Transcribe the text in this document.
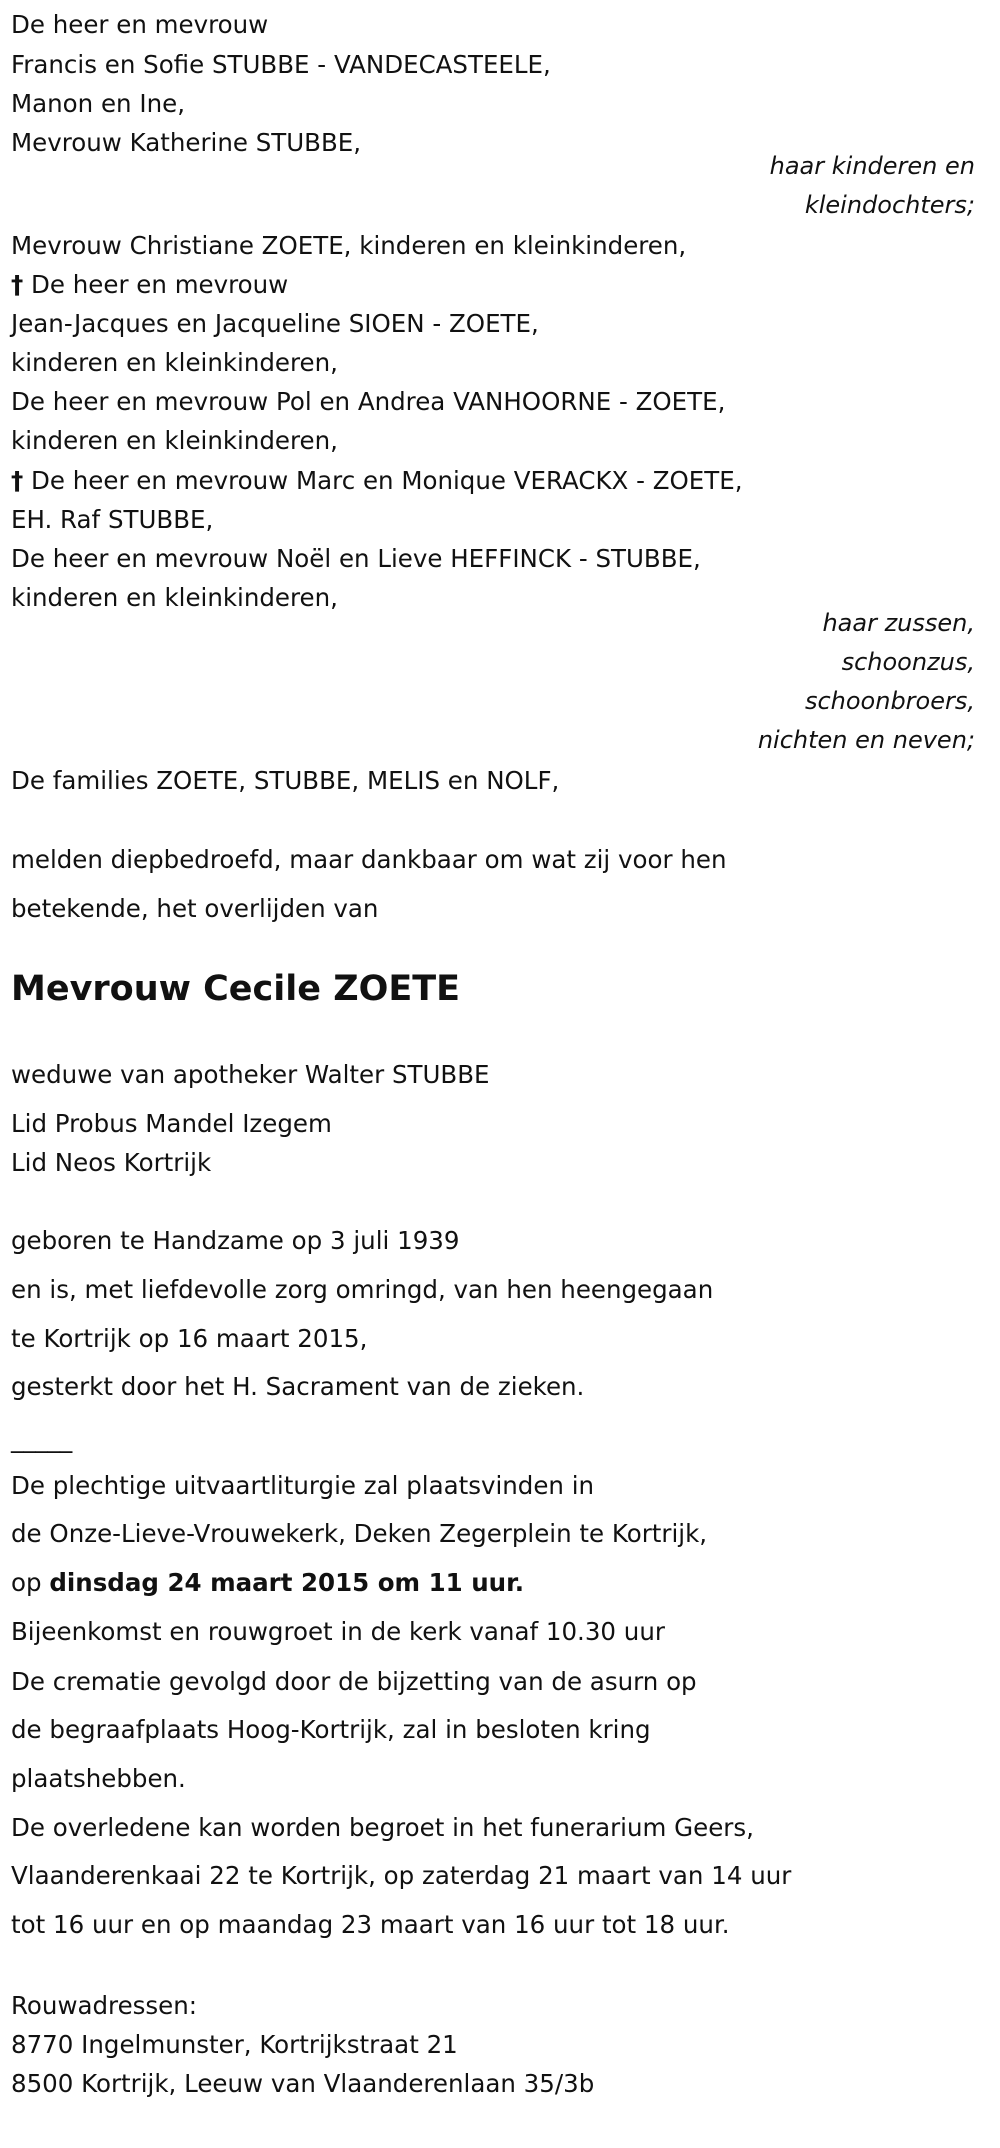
De heer en mevrouw
Francis en Sofie STUBBE - VANDECASTEELE,
Manon en Ine,
Mevrouw Katherine STUBBE,
haar kinderen en
kleindochters;
Mevrouw Christiane ZOETE, kinderen en kleinkinderen,
† De heer en mevrouw
Jean-Jacques en Jacqueline SIOEN - ZOETE,
kinderen en kleinkinderen,
De heer en mevrouw Pol en Andrea VANHOORNE - ZOETE,
kinderen en kleinkinderen,
† De heer en mevrouw Marc en Monique VERACKX - ZOETE,
EH. Raf STUBBE,
De heer en mevrouw Noël en Lieve HEFFINCK - STUBBE,
kinderen en kleinkinderen,
haar zussen,
schoonzus,
schoonbroers,
nichten en neven;
De families ZOETE, STUBBE, MELIS en NOLF,
melden diepbedroefd, maar dankbaar om wat zij voor hen
betekende, het overlijden van
Mevrouw Cecile ZOETE
weduwe van apotheker Walter STUBBE
Lid Probus Mandel Izegem
Lid Neos Kortrijk
geboren te Handzame op 3 juli 1939
en is, met liefdevolle zorg omringd, van hen heengegaan
te Kortrijk op 16 maart 2015,
gesterkt door het H. Sacrament van de zieken.
_____
De plechtige uitvaartliturgie zal plaatsvinden in
de Onze-Lieve-Vrouwekerk, Deken Zegerplein te Kortrijk,
op dinsdag 24 maart 2015 om 11 uur.
Bijeenkomst en rouwgroet in de kerk vanaf 10.30 uur
De crematie gevolgd door de bijzetting van de asurn op
de begraafplaats Hoog-Kortrijk, zal in besloten kring
plaatshebben.
De overledene kan worden begroet in het funerarium Geers,
Vlaanderenkaai 22 te Kortrijk, op zaterdag 21 maart van 14 uur
tot 16 uur en op maandag 23 maart van 16 uur tot 18 uur.
Rouwadressen:
8770 Ingelmunster, Kortrijkstraat 21
8500 Kortrijk, Leeuw van Vlaanderenlaan 35/3b
